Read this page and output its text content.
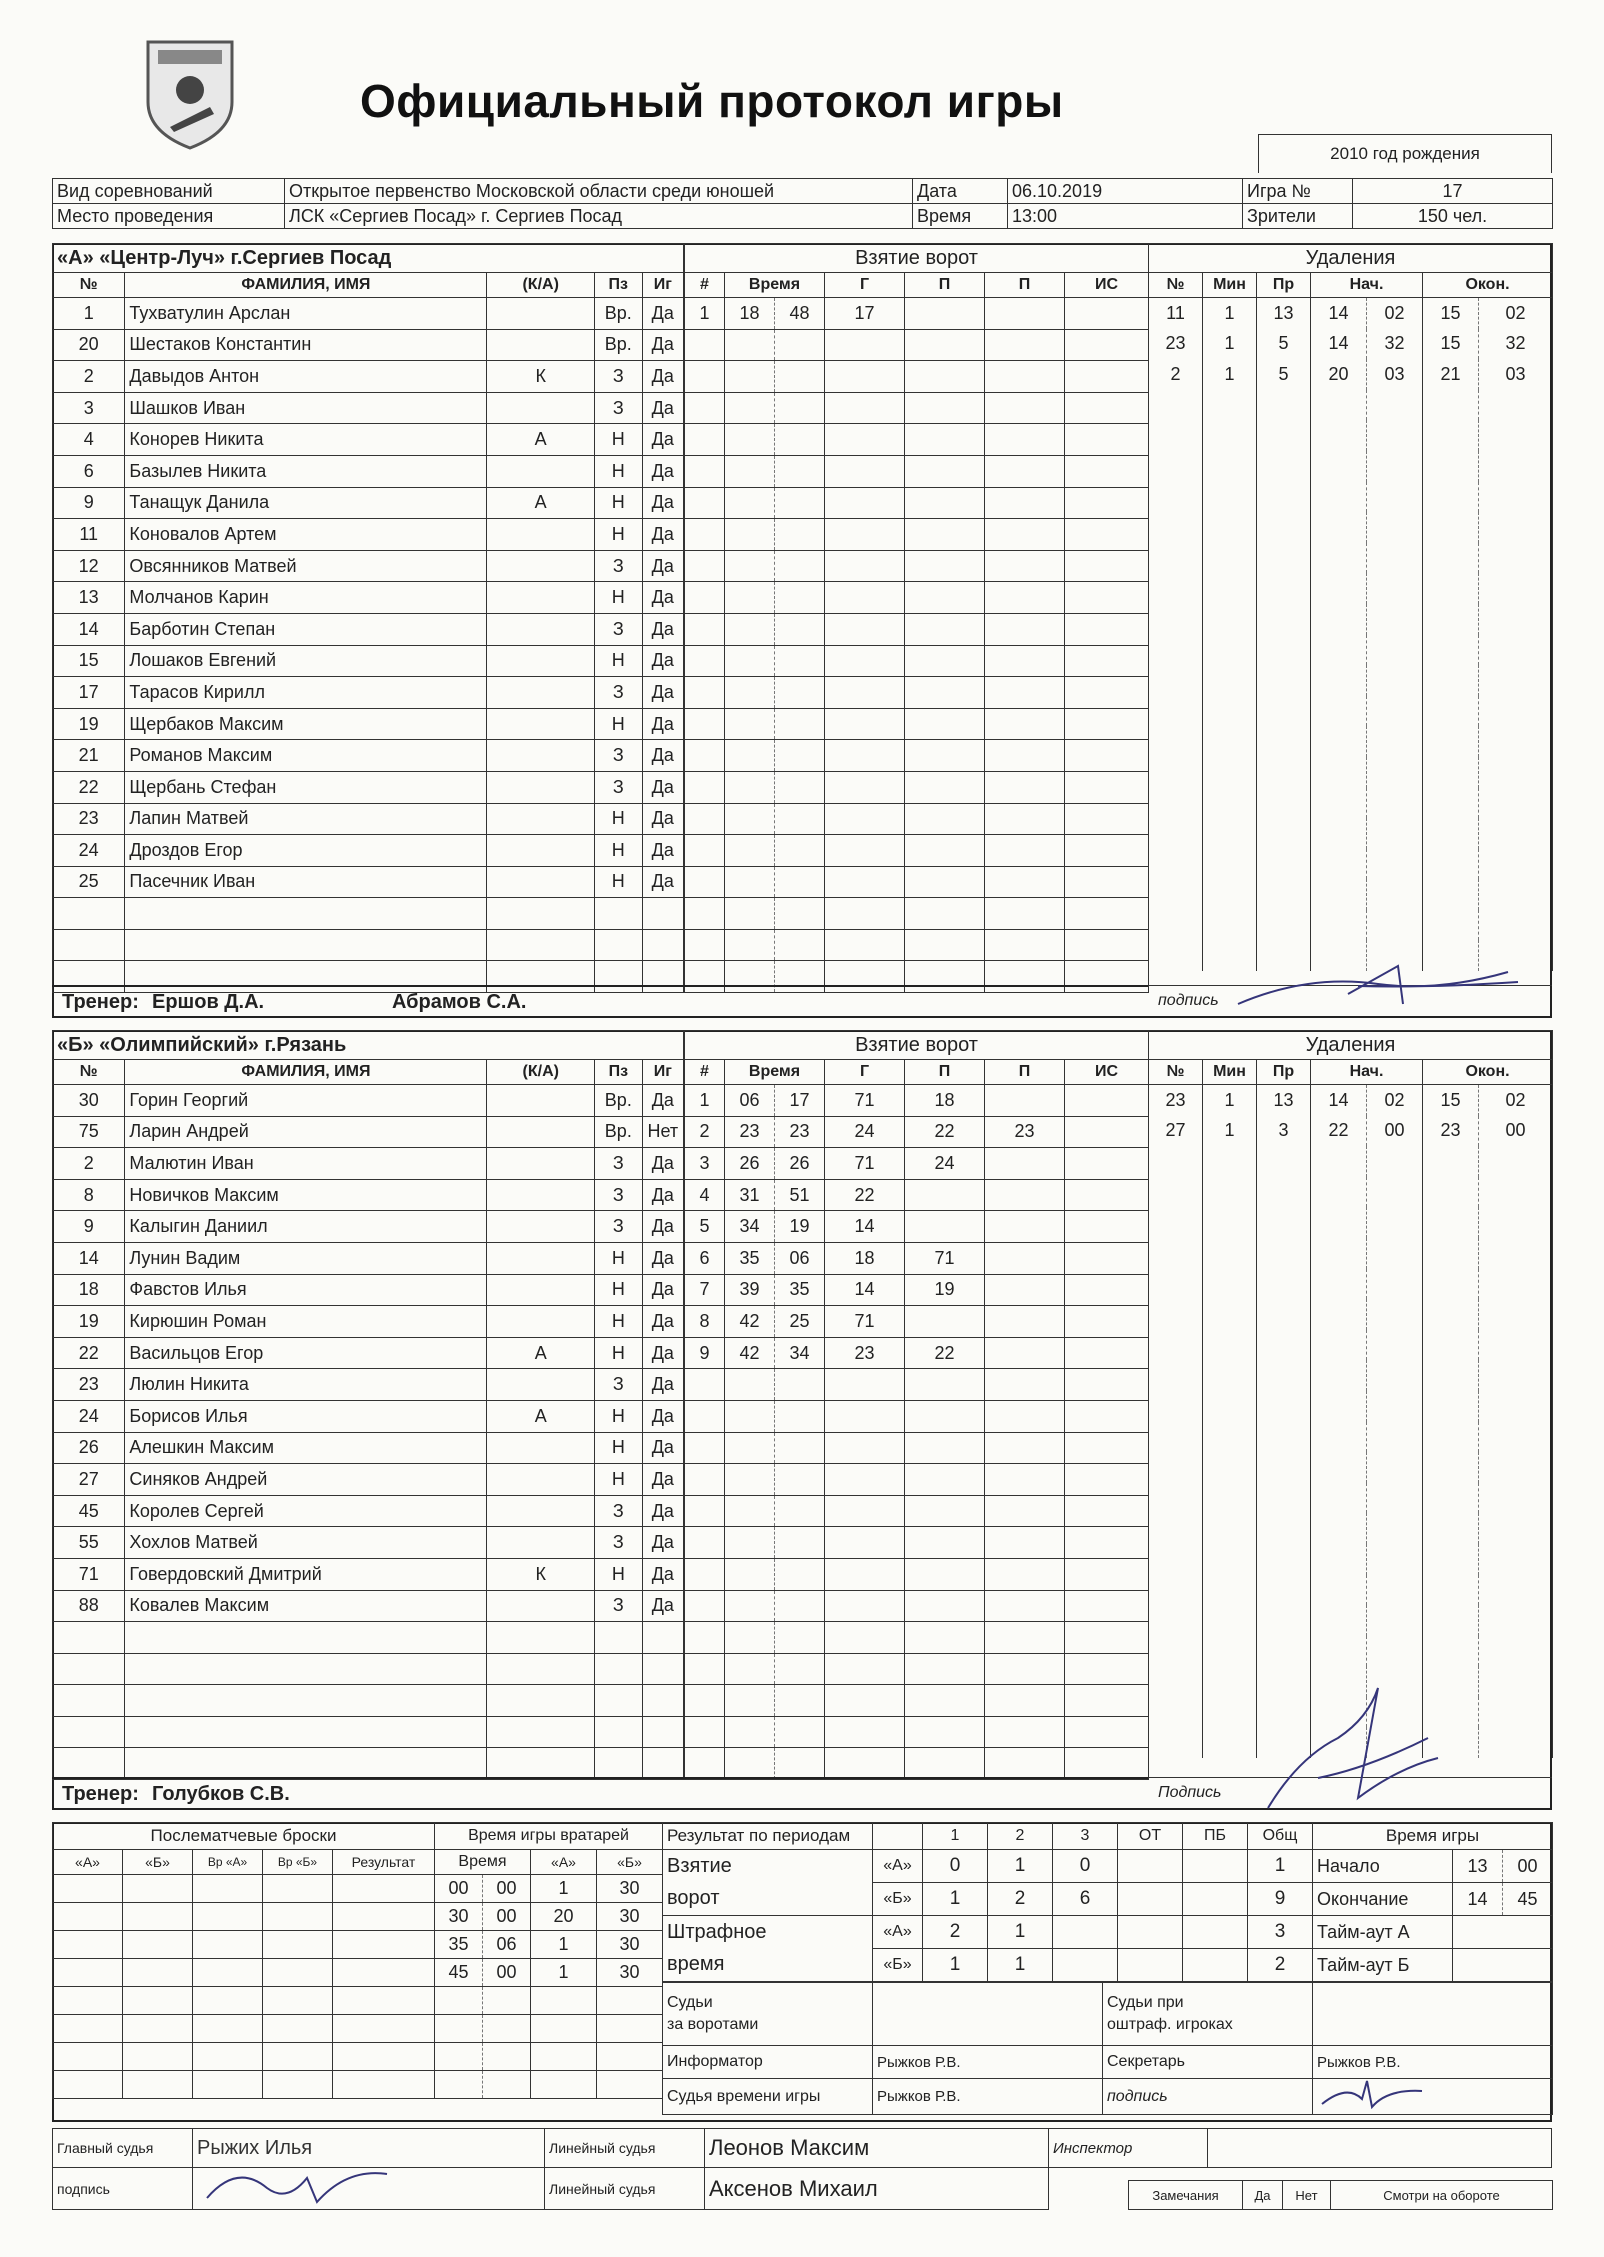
Официальный протокол игры
2010 год рождения
Вид соревнований	Открытое первенство Московской области среди юношей	Дата	06.10.2019	Игра №	17
Место проведения	ЛСК «Сергиев Посад» г. Сергиев Посад	Время	13:00	Зрители	150 чел.
«А» «Центр-Луч» г.Сергиев Посад				
№	ФАМИЛИЯ, ИМЯ	(К/А)	Пз	Иг
1	Тухватулин Арслан		Вр.	Да
20	Шестаков Константин		Вр.	Да
2	Давыдов Антон	К	З	Да
3	Шашков Иван		З	Да
4	Конорев Никита	А	Н	Да
6	Базылев Никита		Н	Да
9	Танащук Данила	А	Н	Да
11	Коновалов Артем		Н	Да
12	Овсянников Матвей		З	Да
13	Молчанов Карин		Н	Да
14	Барботин Степан		З	Да
15	Лошаков Евгений		Н	Да
17	Тарасов Кирилл		З	Да
19	Щербаков Максим		Н	Да
21	Романов Максим		З	Да
22	Щербань Стефан		З	Да
23	Лапин Матвей		Н	Да
24	Дроздов Егор		Н	Да
25	Пасечник Иван		Н	Да

Взятие ворот						
#	Время		Г	П	П	ИС
1	18	48	17			

Удаления						
№	Мин	Пр	Нач.		Окон.	
11	1	13	14	02	15	02
23	1	5	14	32	15	32
2	1	5	20	03	21	03

Тренер: Ершов Д.А.	Абрамов С.А.	подпись
«Б» «Олимпийский» г.Рязань				
№	ФАМИЛИЯ, ИМЯ	(К/А)	Пз	Иг
30	Горин Георгий		Вр.	Да
75	Ларин Андрей		Вр.	Нет
2	Малютин Иван		З	Да
8	Новичков Максим		З	Да
9	Калыгин Даниил		З	Да
14	Лунин Вадим		Н	Да
18	Фавстов Илья		Н	Да
19	Кирюшин Роман		Н	Да
22	Васильцов Егор	А	Н	Да
23	Люлин Никита		З	Да
24	Борисов Илья	А	Н	Да
26	Алешкин Максим		Н	Да
27	Синяков Андрей		Н	Да
45	Королев Сергей		З	Да
55	Хохлов Матвей		З	Да
71	Говердовский Дмитрий	К	Н	Да
88	Ковалев Максим		З	Да

Взятие ворот						
#	Время		Г	П	П	ИС
1	06	17	71	18		
2	23	23	24	22	23	
3	26	26	71	24		
4	31	51	22			
5	34	19	14			
6	35	06	18	71		
7	39	35	14	19		
8	42	25	71			
9	42	34	23	22		

Удаления						
№	Мин	Пр	Нач.		Окон.	
23	1	13	14	02	15	02
27	1	3	22	00	23	00

Тренер: Голубков С.В.	Подпись
Послематчевые броски				
«А»	«Б»	Вр «А»	Вр «Б»	Результат

Время игры вратарей			
Время		«А»	«Б»
00	00	1	30
30	00	20	30
35	06	1	30
45	00	1	30

Результат по периодам		1	2	3	ОТ	ПБ	Общ
Взятие	«А»	0	1	0			1
ворот	«Б»	1	2	6			9
Штрафное	«А»	2	1				3
время	«Б»	1	1				2
Время игры		
Начало	13	00
Окончание	14	45
Тайм-аут А		
Тайм-аут Б		
Судьи
за воротами		Судьи при
оштраф. игроках	
Информатор	Рыжков Р.В.	Секретарь	Рыжков Р.В.
Судья времени игры	Рыжков Р.В.	подпись	
Главный судья	Рыжих Илья	Линейный судья	Леонов Максим	
подпись		Линейный судья	Аксенов Михаил	
Инспектор	
Замечания	Да	Нет	Смотри на обороте
